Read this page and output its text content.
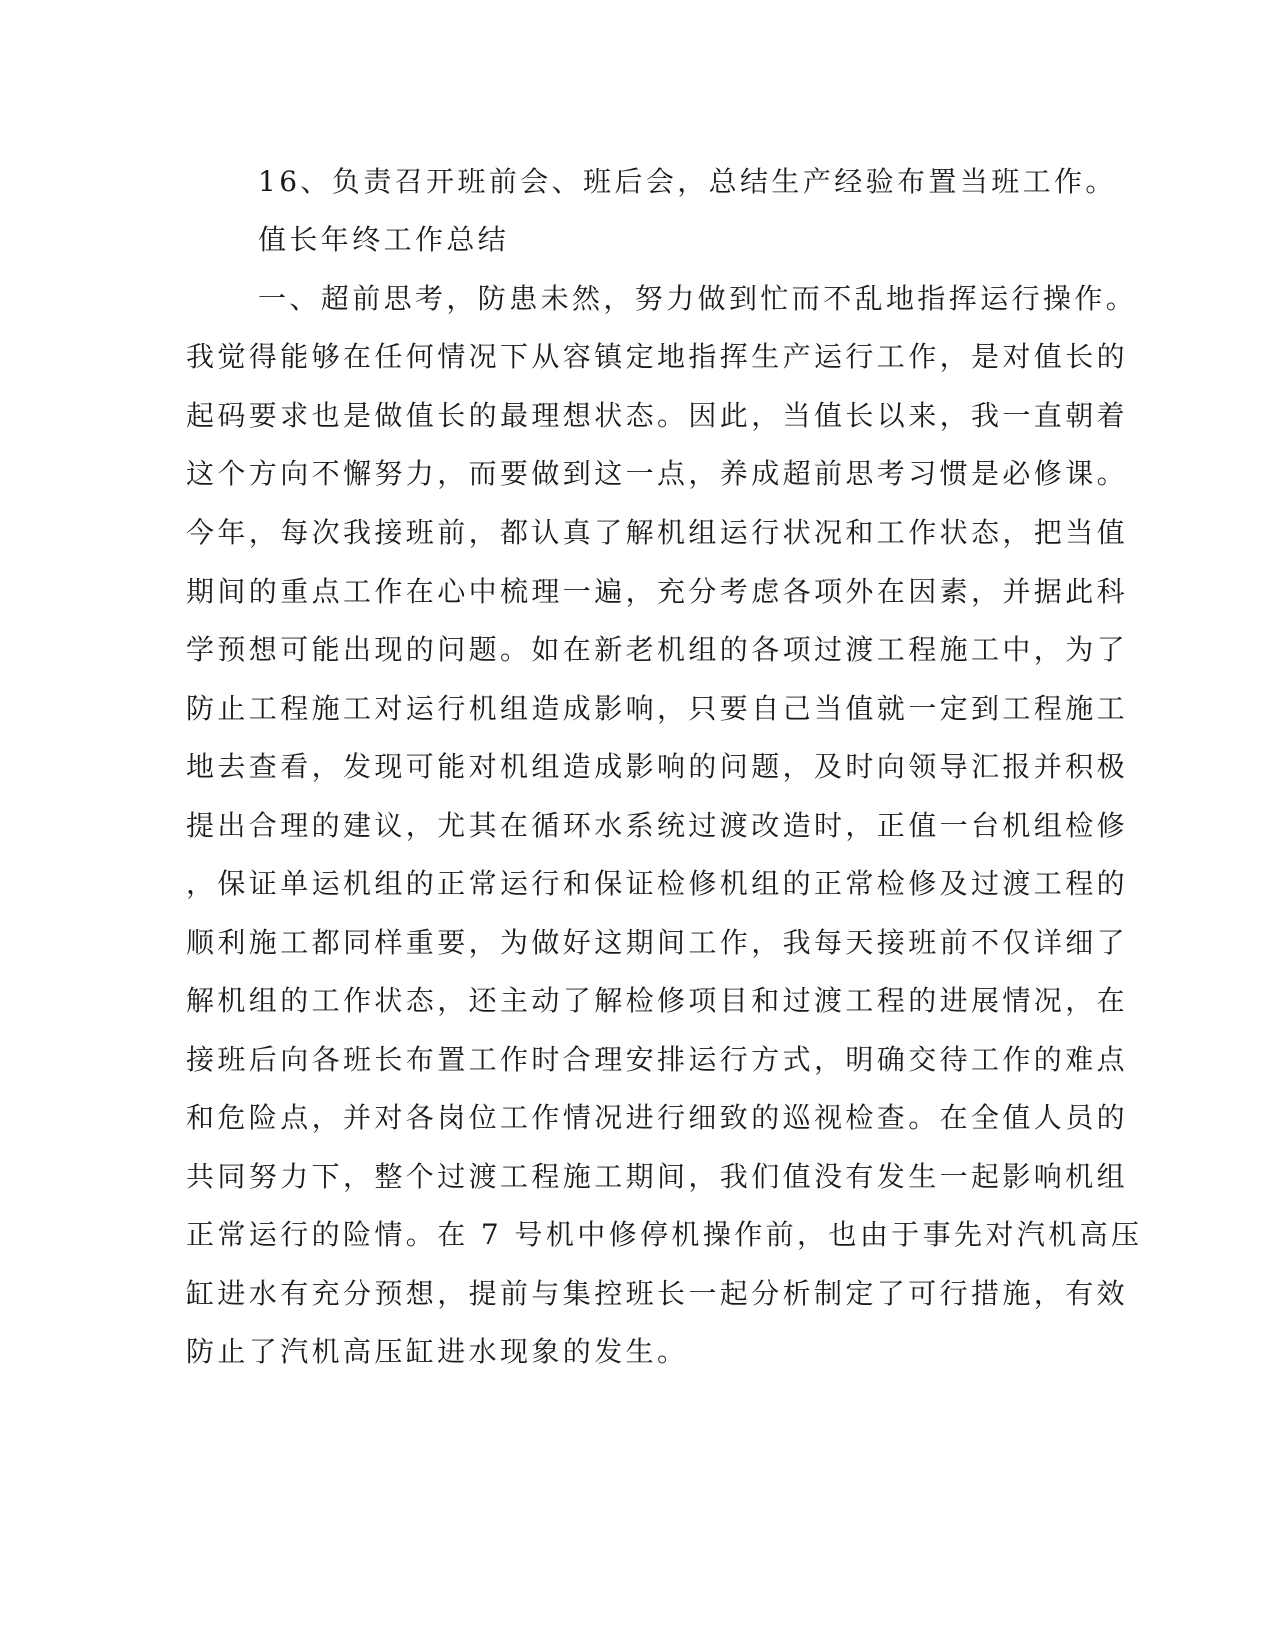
16、负责召开班前会、班后会，总结生产经验布置当班工作。

值长年终工作总结

一、超前思考，防患未然，努力做到忙而不乱地指挥运行操作。

我觉得能够在任何情况下从容镇定地指挥生产运行工作，是对值长的

起码要求也是做值长的最理想状态。因此，当值长以来，我一直朝着

这个方向不懈努力，而要做到这一点，养成超前思考习惯是必修课。

今年，每次我接班前，都认真了解机组运行状况和工作状态，把当值

期间的重点工作在心中梳理一遍，充分考虑各项外在因素，并据此科

学预想可能出现的问题。如在新老机组的各项过渡工程施工中，为了

防止工程施工对运行机组造成影响，只要自己当值就一定到工程施工

地去查看，发现可能对机组造成影响的问题，及时向领导汇报并积极

提出合理的建议，尤其在循环水系统过渡改造时，正值一台机组检修

，保证单运机组的正常运行和保证检修机组的正常检修及过渡工程的

顺利施工都同样重要，为做好这期间工作，我每天接班前不仅详细了

解机组的工作状态，还主动了解检修项目和过渡工程的进展情况，在

接班后向各班长布置工作时合理安排运行方式，明确交待工作的难点

和危险点，并对各岗位工作情况进行细致的巡视检查。在全值人员的

共同努力下，整个过渡工程施工期间，我们值没有发生一起影响机组

正常运行的险情。在 7 号机中修停机操作前，也由于事先对汽机高压

缸进水有充分预想，提前与集控班长一起分析制定了可行措施，有效

防止了汽机高压缸进水现象的发生。
